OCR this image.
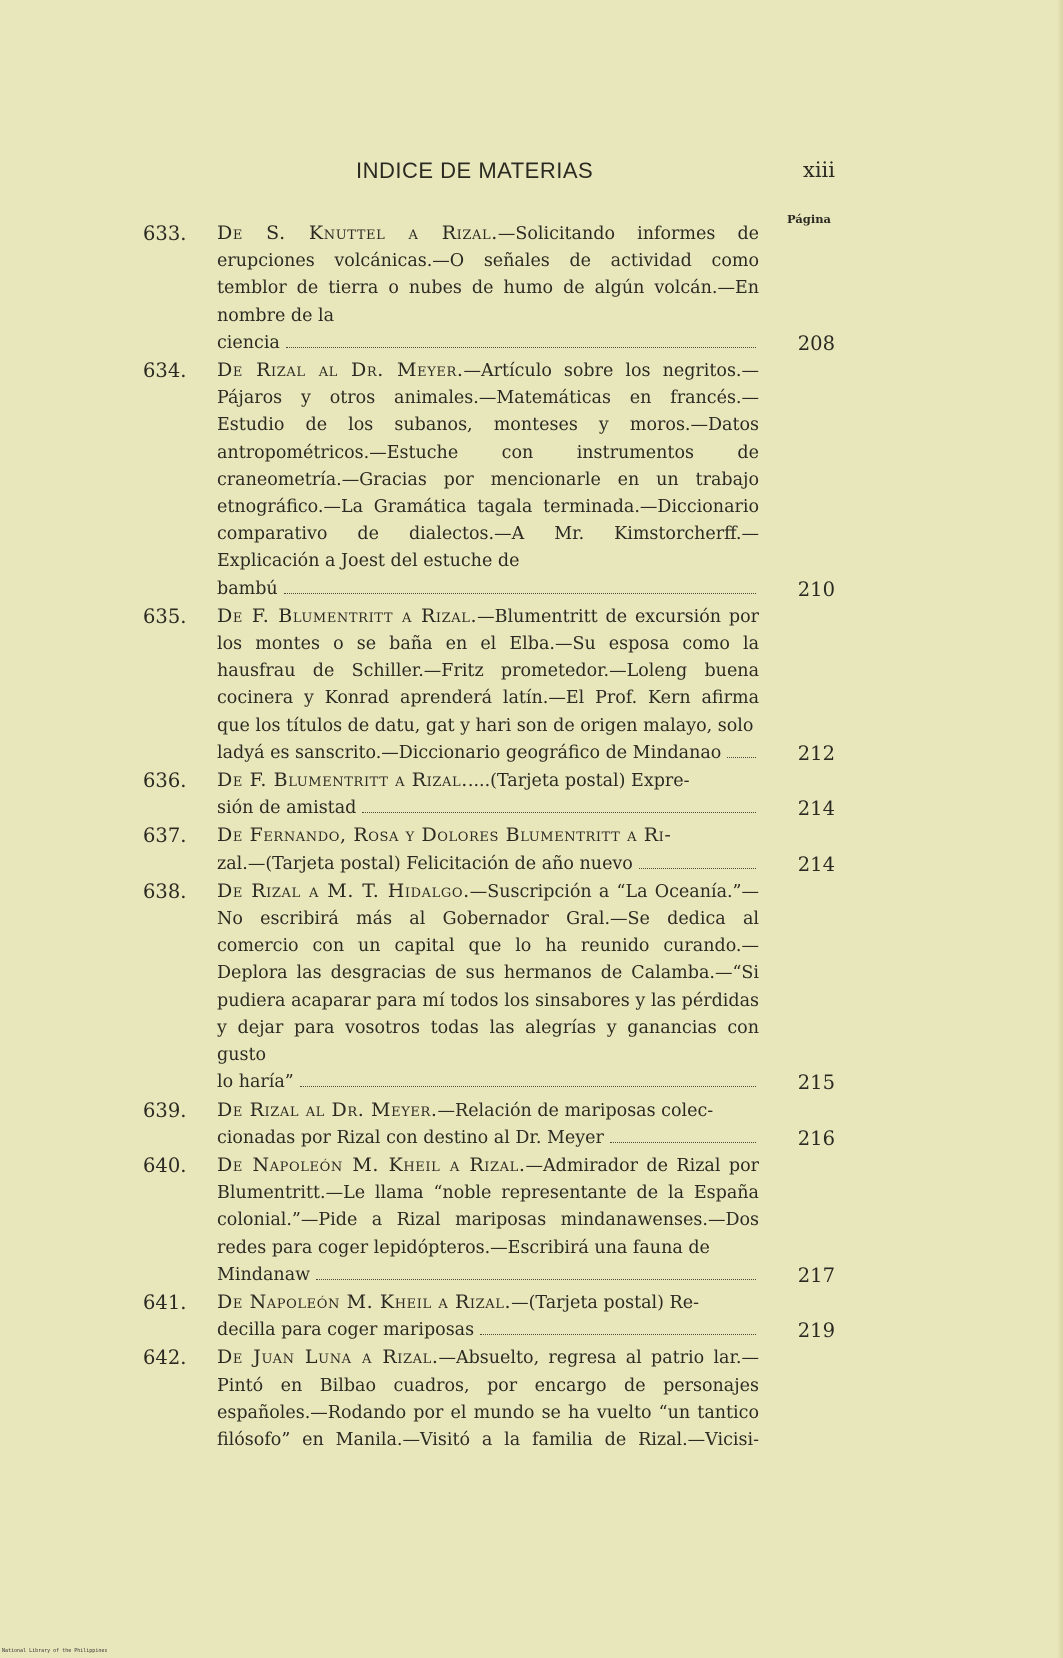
INDICE DE MATERIAS	xiii
Página
633.	De S. Knuttel a Rizal.—Solicitando informes de erupciones volcánicas.—O señales de actividad como temblor de tierra o nubes de humo de algún volcán.—En nombre de la
ciencia	208
634.	De Rizal al Dr. Meyer.—Artículo sobre los negritos.—Pájaros y otros animales.—Matemáticas en francés.—Estudio de los subanos, monteses y moros.—Datos antropométricos.—Estuche con instrumentos de craneometría.—Gracias por mencionarle en un trabajo etnográfico.—La Gramática tagala terminada.—Diccionario comparativo de dialectos.—A Mr. Kimstorcherff.—Explicación a Joest del estuche de
bambú	210
635.	De F. Blumentritt a Rizal.—Blumentritt de excursión por los montes o se baña en el Elba.—Su esposa como la hausfrau de Schiller.—Fritz prometedor.—Loleng buena cocinera y Konrad aprenderá latín.—El Prof. Kern afirma que los títulos de datu, gat y hari son de origen malayo, solo
ladyá es sanscrito.—Diccionario geográfico de Mindanao	212
636.	De F. Blumentritt a Rizal.....(Tarjeta postal) Expre-
sión de amistad	214
637.	De Fernando, Rosa y Dolores Blumentritt a Ri-
zal.—(Tarjeta postal) Felicitación de año nuevo	214
638.	De Rizal a M. T. Hidalgo.—Suscripción a “La Oceanía.”—No escribirá más al Gobernador Gral.—Se dedica al comercio con un capital que lo ha reunido curando.—Deplora las desgracias de sus hermanos de Calamba.—“Si pudiera acaparar para mí todos los sinsabores y las pérdidas y dejar para vosotros todas las alegrías y ganancias con gusto
lo haría”	215
639.	De Rizal al Dr. Meyer.—Relación de mariposas colec-
cionadas por Rizal con destino al Dr. Meyer	216
640.	De Napoleón M. Kheil a Rizal.—Admirador de Rizal por Blumentritt.—Le llama “noble representante de la España colonial.”—Pide a Rizal mariposas mindanawenses.—Dos redes para coger lepidópteros.—Escribirá una fauna de
Mindanaw	217
641.	De Napoleón M. Kheil a Rizal.—(Tarjeta postal) Re-
decilla para coger mariposas	219
642.	De Juan Luna a Rizal.—Absuelto, regresa al patrio lar.—Pintó en Bilbao cuadros, por encargo de personajes españoles.—Rodando por el mundo se ha vuelto “un tantico filósofo” en Manila.—Visitó a la familia de Rizal.—Vicisi-
National Library of the Philippines
